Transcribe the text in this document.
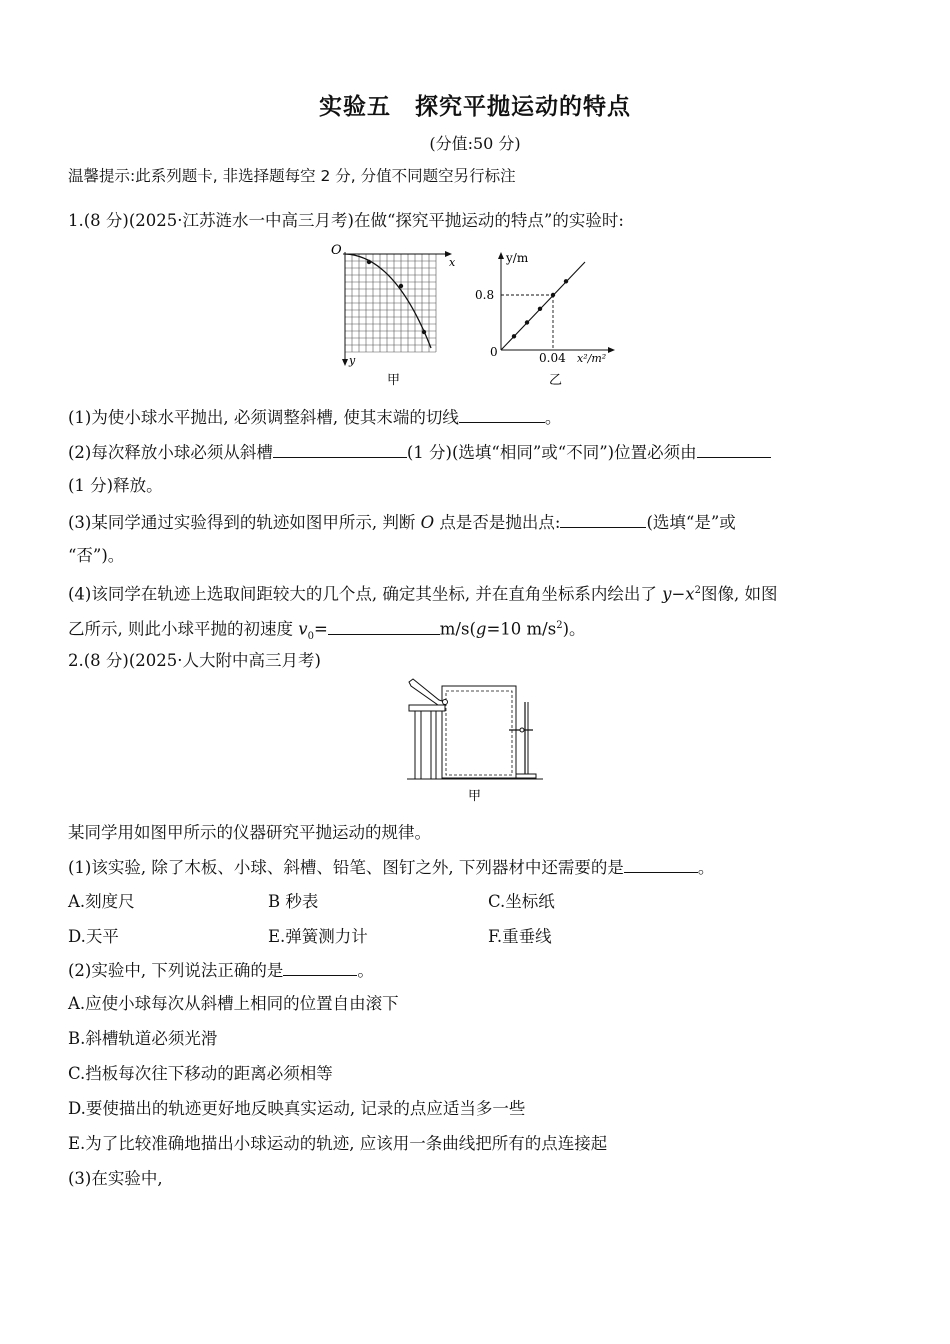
实验五　探究平抛运动的特点
(分值:50 分)
温馨提示:此系列题卡, 非选择题每空 2 分, 分值不同题空另行标注
1.(8 分)(2025·江苏涟水一中高三月考)在做“探究平抛运动的特点”的实验时:
O
x
y
甲
y/m
0.8
0	0.04 x²/m²
乙
(1)为使小球水平抛出, 必须调整斜槽, 使其末端的切线	。
(2)每次释放小球必须从斜槽	(1 分)(选填“相同”或“不同”)位置必须由
(1 分)释放。
(3)某同学通过实验得到的轨迹如图甲所示, 判断 O 点是否是抛出点:	(选填“是”或
“否”)。
(4)该同学在轨迹上选取间距较大的几个点, 确定其坐标, 并在直角坐标系内绘出了 $y-x^2$图像, 如图
乙所示, 则此小球平抛的初速度 $v_0=$	m/s(g=10 $m/s^2$)。
2.(8 分)(2025·人大附中高三月考)
甲
某同学用如图甲所示的仪器研究平抛运动的规律。
(1)该实验, 除了木板、小球、斜槽、铅笔、图钉之外, 下列器材中还需要的是	。
A.刻度尺	B 秒表	C.坐标纸
D.天平	E.弹簧测力计	F.重垂线
(2)实验中, 下列说法正确的是	。
A.应使小球每次从斜槽上相同的位置自由滚下
B.斜槽轨道必须光滑
C.挡板每次往下移动的距离必须相等
D.要使描出的轨迹更好地反映真实运动, 记录的点应适当多一些
E.为了比较准确地描出小球运动的轨迹, 应该用一条曲线把所有的点连接起
(3)在实验中,
